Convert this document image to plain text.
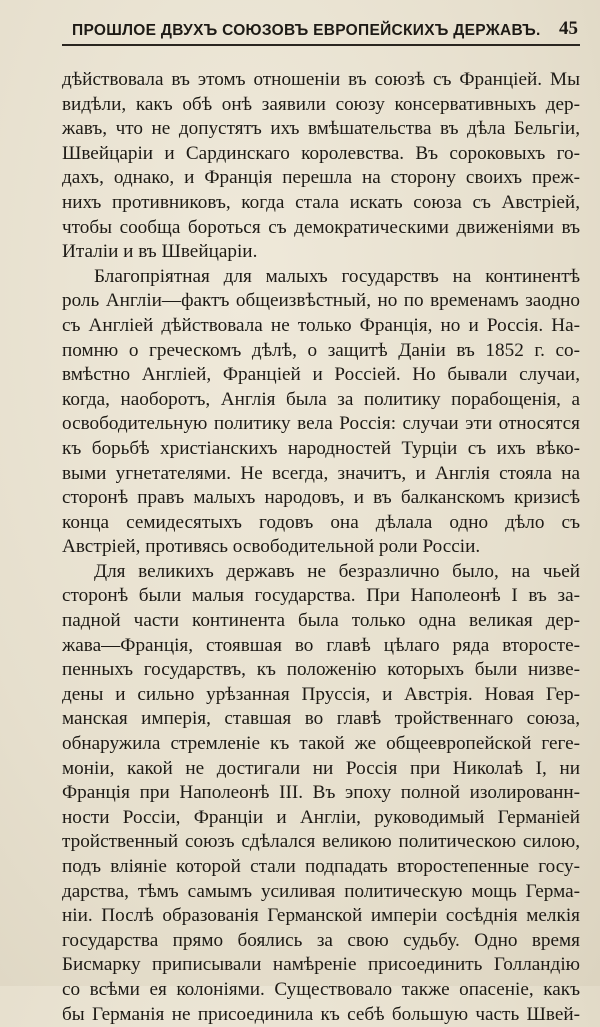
ПРОШЛОЕ ДВУХЪ СОЮЗОВЪ ЕВРОПЕЙСКИХЪ ДЕРЖАВЪ. 45
дѣйствовала въ этомъ отношенiи въ союзѣ съ Францiей. Мы
видѣли, какъ обѣ онѣ заявили союзу консервативныхъ дер-
жавъ, что не допустятъ ихъ вмѣшательства въ дѣла Бельгiи,
Швейцарiи и Сардинскаго королевства. Въ сороковыхъ го-
дахъ, однако, и Францiя перешла на сторону своихъ преж-
нихъ противниковъ, когда стала искать союза съ Австрiей,
чтобы сообща бороться съ демократическими движенiями въ
Италiи и въ Швейцарiи.
Благопрiятная для малыхъ государствъ на континентѣ
роль Англiи—фактъ общеизвѣстный, но по временамъ заодно
съ Англiей дѣйствовала не только Францiя, но и Россiя. На-
помню о греческомъ дѣлѣ, о защитѣ Данiи въ 1852 г. со-
вмѣстно Англiей, Францiей и Россiей. Но бывали случаи,
когда, наоборотъ, Англiя была за политику порабощенiя, а
освободительную политику вела Россiя: случаи эти относятся
къ борьбѣ христiанскихъ народностей Турцiи съ ихъ вѣко-
выми угнетателями. Не всегда, значитъ, и Англiя стояла на
сторонѣ правъ малыхъ народовъ, и въ балканскомъ кризисѣ
конца семидесятыхъ годовъ она дѣлала одно дѣло съ
Австрiей, противясь освободительной роли Россiи.
Для великихъ державъ не безразлично было, на чьей
сторонѣ были малыя государства. При Наполеонѣ I въ за-
падной части континента была только одна великая дер-
жава—Францiя, стоявшая во главѣ цѣлаго ряда второсте-
пенныхъ государствъ, къ положенiю которыхъ были низве-
дены и сильно урѣзанная Пруссiя, и Австрiя. Новая Гер-
манская имперiя, ставшая во главѣ тройственнаго союза,
обнаружила стремленiе къ такой же общеевропейской геге-
монiи, какой не достигали ни Россiя при Николаѣ I, ни
Францiя при Наполеонѣ III. Въ эпоху полной изолированн-
ности Россiи, Францiи и Англiи, руководимый Германiей
тройственный союзъ сдѣлался великою политическою силою,
подъ влiянiе которой стали подпадать второстепенные госу-
дарства, тѣмъ самымъ усиливая политическую мощь Герма-
нiи. Послѣ образованiя Германской имперiи сосѣднiя мелкiя
государства прямо боялись за свою судьбу. Одно время
Бисмарку приписывали намѣренiе присоединить Голландiю
со всѣми ея колонiями. Существовало также опасенiе, какъ
бы Германiя не присоединила къ себѣ большую часть Швей-
